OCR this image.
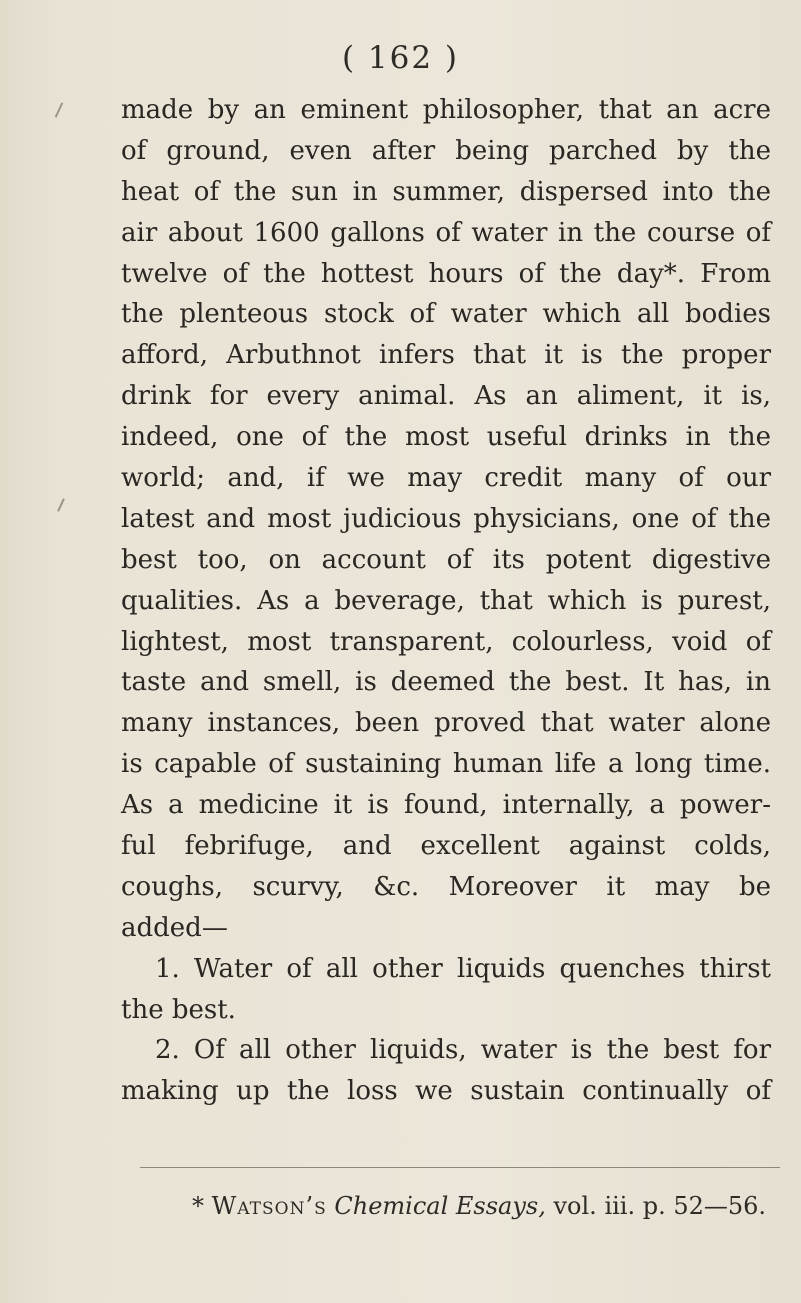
( 162 )
made by an eminent philosopher, that an acre
of ground, even after being parched by the
heat of the sun in summer, dispersed into the
air about 1600 gallons of water in the course of
twelve of the hottest hours of the day*. From
the plenteous stock of water which all bodies
afford, Arbuthnot infers that it is the proper
drink for every animal. As an aliment, it is,
indeed, one of the most useful drinks in the
world; and, if we may credit many of our
latest and most judicious physicians, one of the
best too, on account of its potent digestive
qualities. As a beverage, that which is purest,
lightest, most transparent, colourless, void of
taste and smell, is deemed the best. It has, in
many instances, been proved that water alone
is capable of sustaining human life a long time.
As a medicine it is found, internally, a power-
ful febrifuge, and excellent against colds,
coughs, scurvy, &c. Moreover it may be
added—
1. Water of all other liquids quenches thirst
the best.
2. Of all other liquids, water is the best for
making up the loss we sustain continually of
* Watson’s Chemical Essays, vol. iii. p. 52—56.
